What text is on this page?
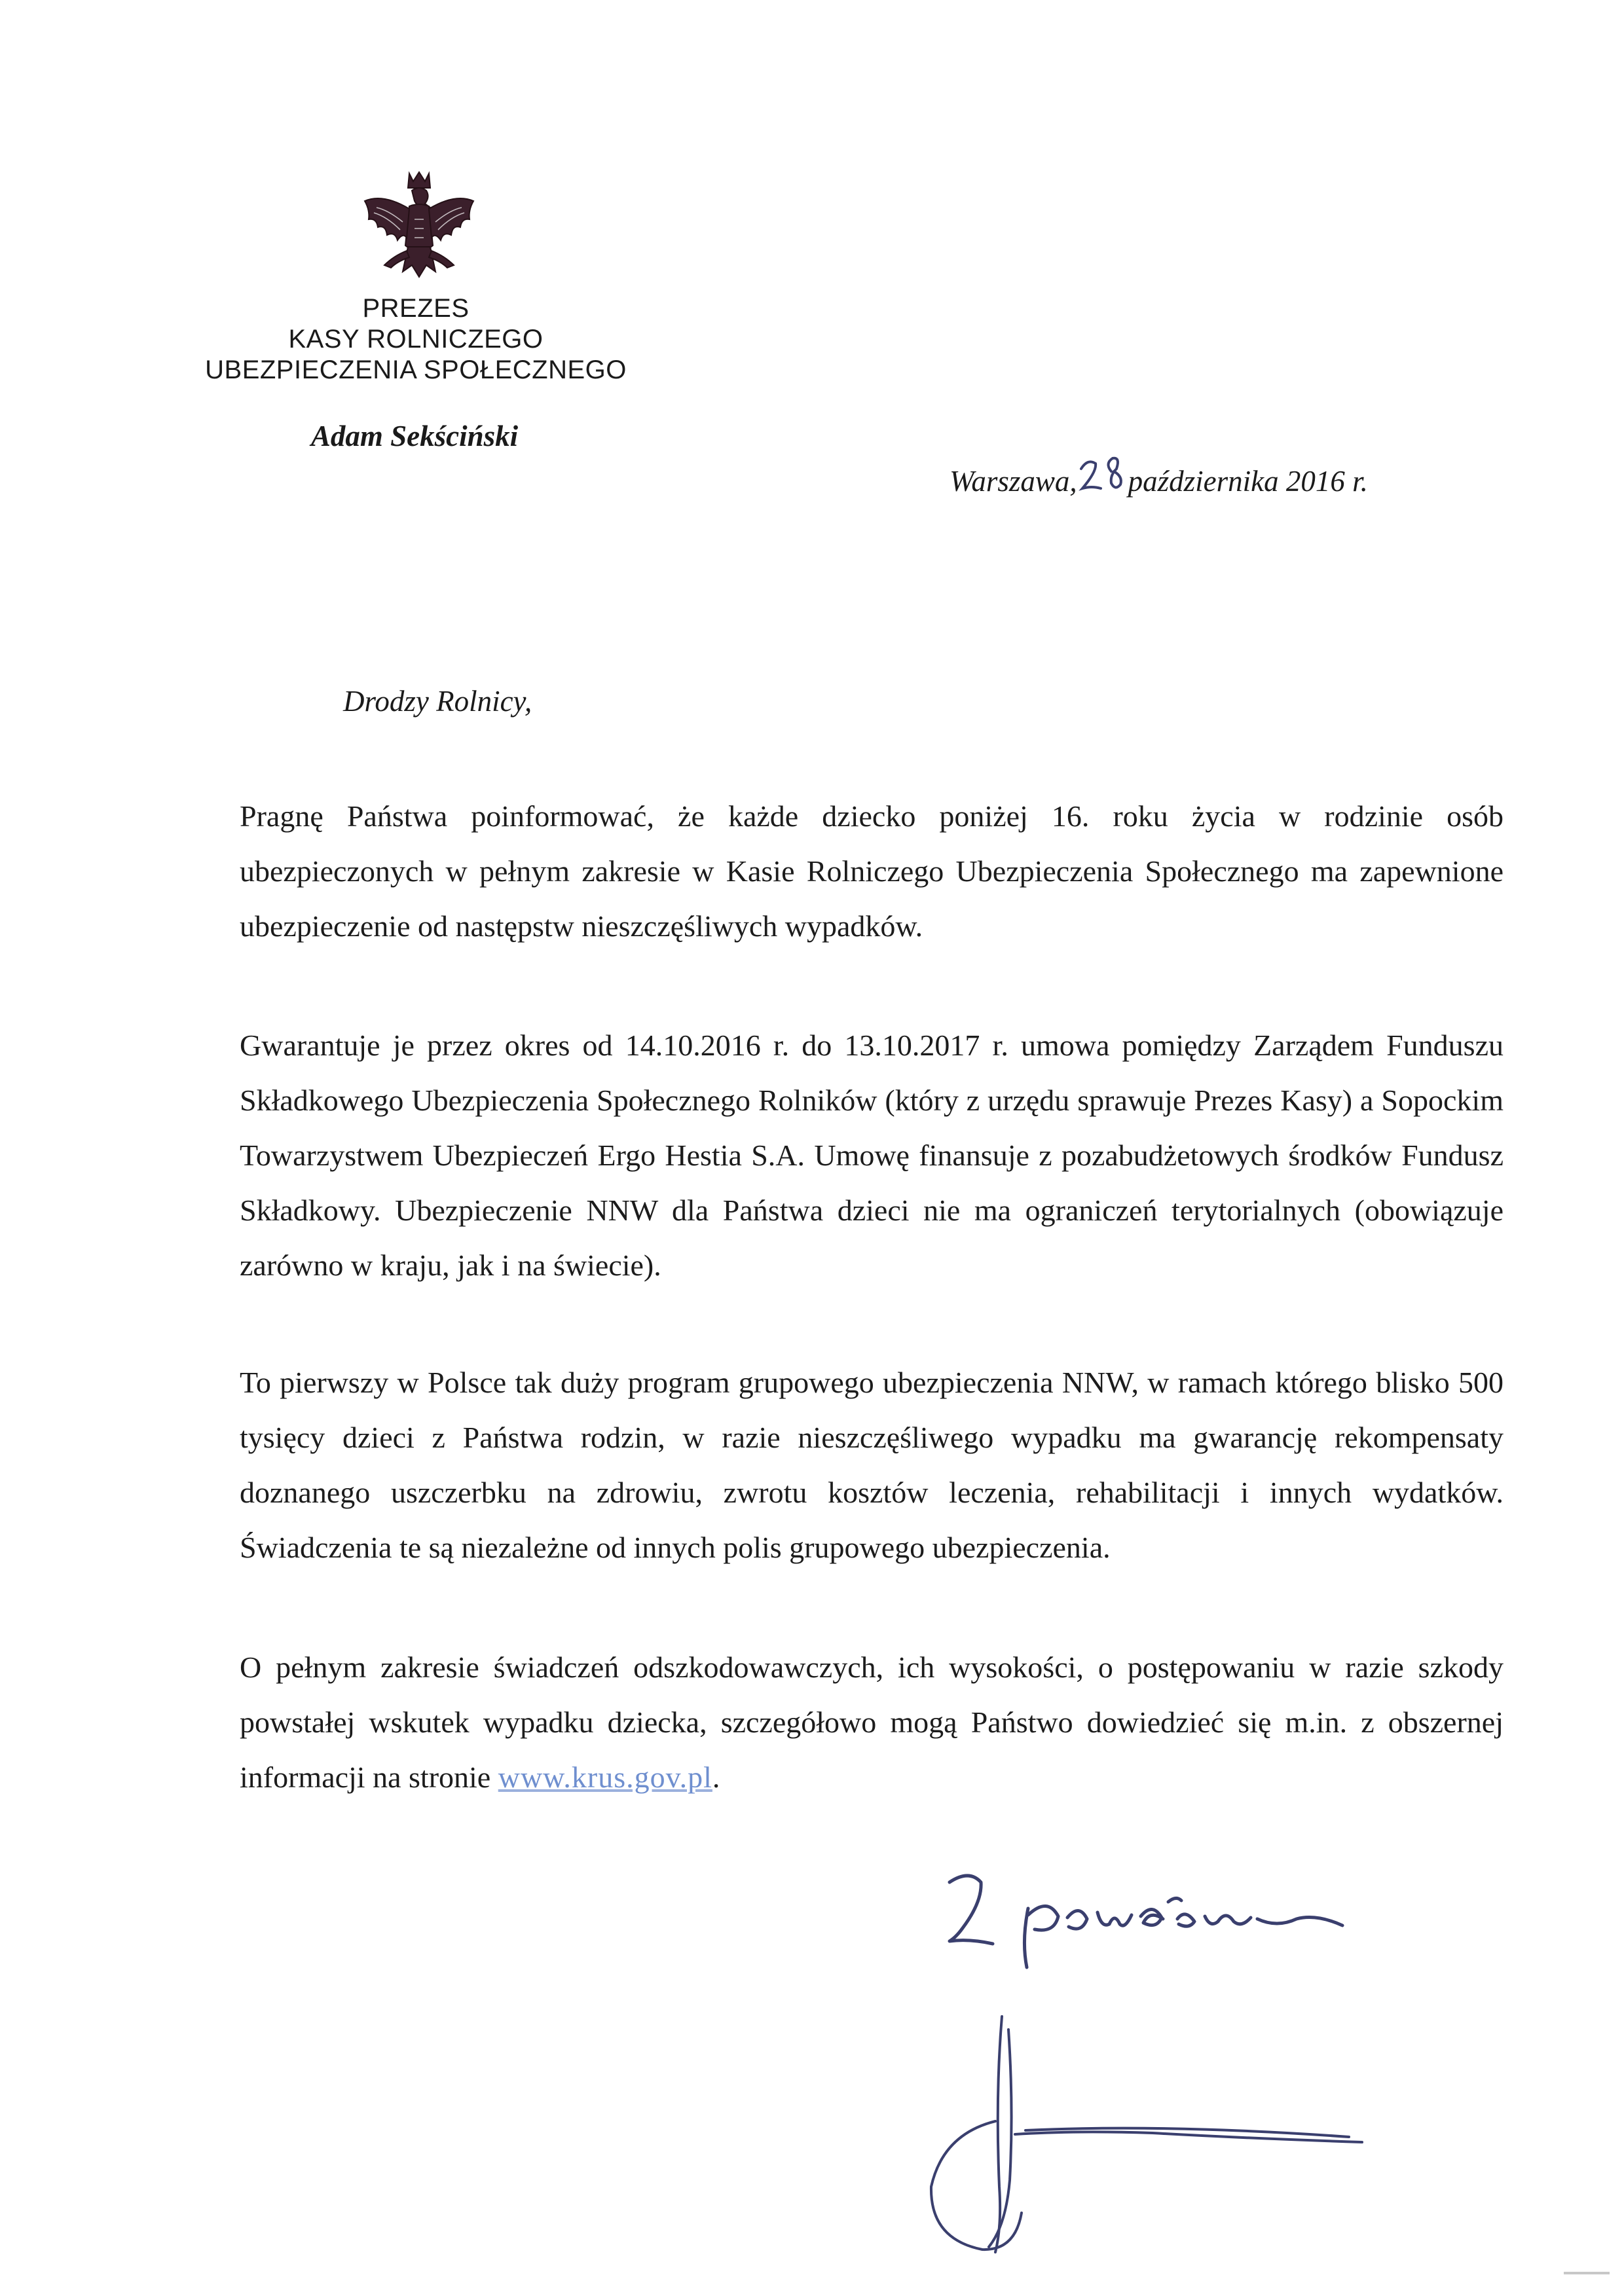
PREZES
KASY ROLNICZEGO
UBEZPIECZENIA SPOŁECZNEGO
Adam Sekściński
Warszawa, października 2016 r.
Drodzy Rolnicy,
Pragnę Państwa poinformować, że każde dziecko poniżej 16. roku życia w rodzinie osób ubezpieczonych w pełnym zakresie w Kasie Rolniczego Ubezpieczenia Społecznego ma zapewnione ubezpieczenie od następstw nieszczęśliwych wypadków.
Gwarantuje je przez okres od 14.10.2016 r. do 13.10.2017 r. umowa pomiędzy Zarządem Funduszu Składkowego Ubezpieczenia Społecznego Rolników (który z urzędu sprawuje Prezes Kasy) a Sopockim Towarzystwem Ubezpieczeń Ergo Hestia S.A. Umowę finansuje z pozabudżetowych środków Fundusz Składkowy. Ubezpieczenie NNW dla Państwa dzieci nie ma ograniczeń terytorialnych (obowiązuje zarówno w kraju, jak i na świecie).
To pierwszy w Polsce tak duży program grupowego ubezpieczenia NNW, w ramach którego blisko 500 tysięcy dzieci z Państwa rodzin, w razie nieszczęśliwego wypadku ma gwarancję rekompensaty doznanego uszczerbku na zdrowiu, zwrotu kosztów leczenia, rehabilitacji i innych wydatków. Świadczenia te są niezależne od innych polis grupowego ubezpieczenia.
O pełnym zakresie świadczeń odszkodowawczych, ich wysokości, o postępowaniu w razie szkody powstałej wskutek wypadku dziecka, szczegółowo mogą Państwo dowiedzieć się m.in. z obszernej informacji na stronie www.krus.gov.pl.
